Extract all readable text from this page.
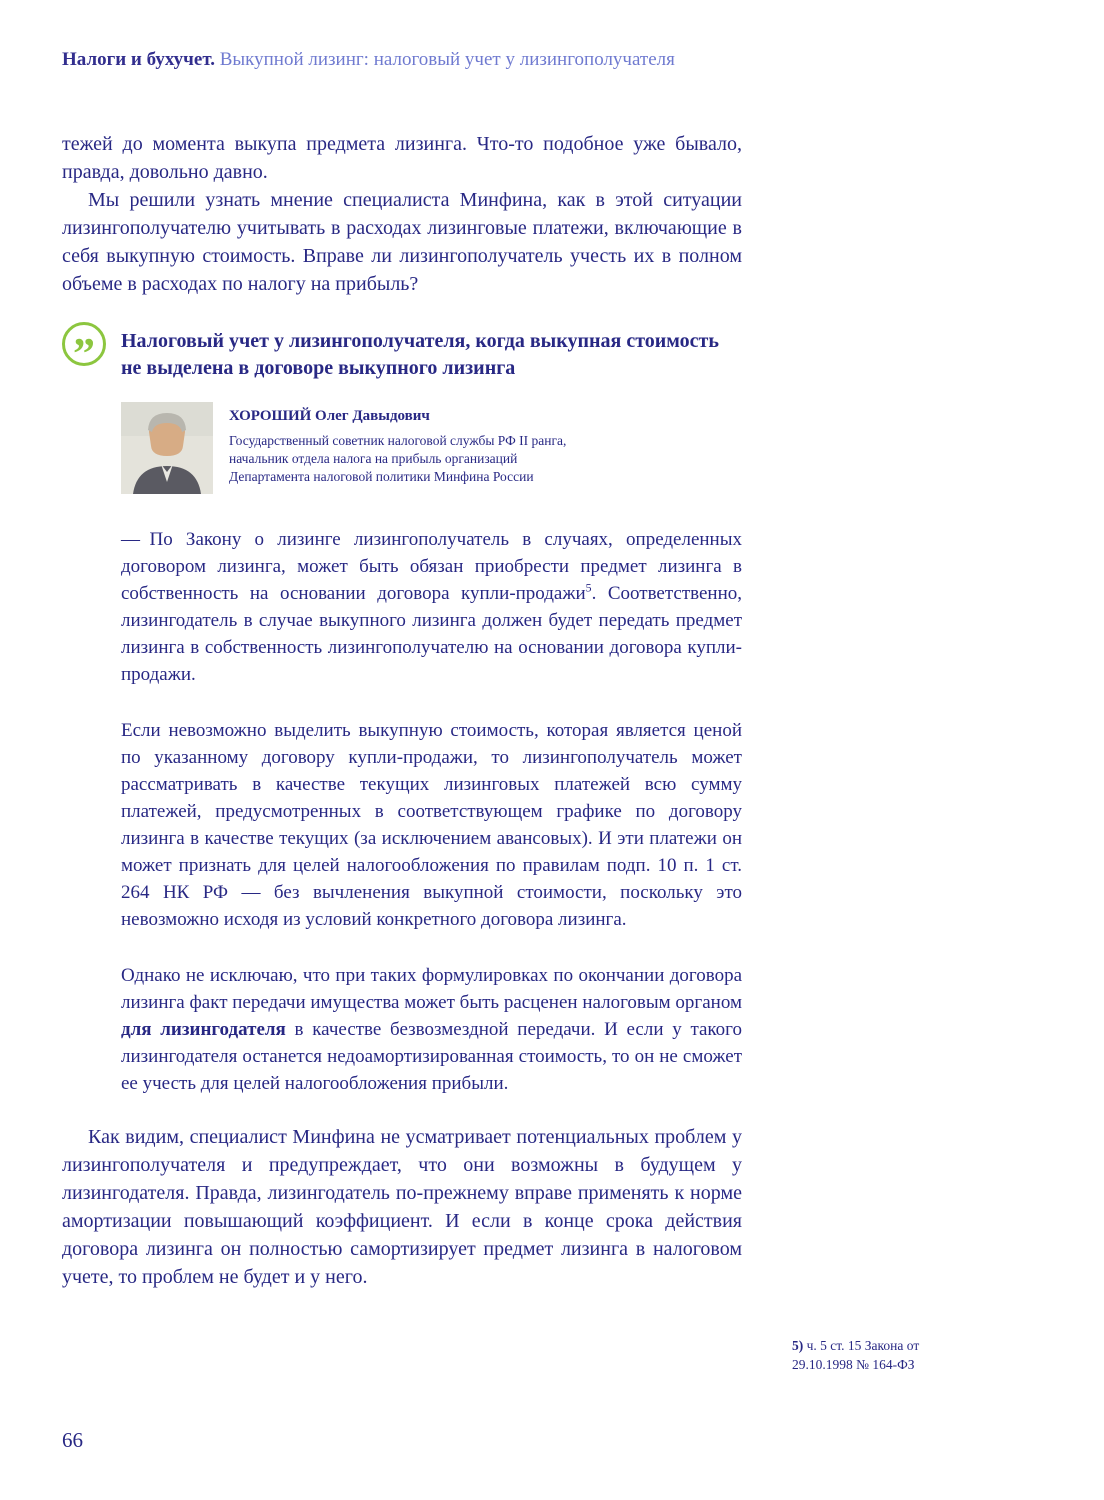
Налоги и бухучет. Выкупной лизинг: налоговый учет у лизингополучателя

тежей до момента выкупа предмета лизинга. Что-то подобное уже бывало, правда, довольно давно.

Мы решили узнать мнение специалиста Минфина, как в этой ситуации лизингополучателю учитывать в расходах лизинговые платежи, включающие в себя выкупную стоимость. Вправе ли лизингополучатель учесть их в полном объеме в расходах по налогу на прибыль?

”	Налоговый учет у лизингополучателя, когда выкупная стоимость не выделена в договоре выкупного лизинга
ХОРОШИЙ Олег Давыдович
Государственный советник налоговой службы РФ II ранга,
начальник отдела налога на прибыль организаций
Департамента налоговой политики Минфина России

— По Закону о лизинге лизингополучатель в случаях, определенных договором лизинга, может быть обязан приобрести предмет лизинга в собственность на основании договора купли-продажи$^5$. Соответственно, лизингодатель в случае выкупного лизинга должен будет передать предмет лизинга в собственность лизингополучателю на основании договора купли-продажи.

Если невозможно выделить выкупную стоимость, которая является ценой по указанному договору купли-продажи, то лизингополучатель может рассматривать в качестве текущих лизинговых платежей всю сумму платежей, предусмотренных в соответствующем графике по договору лизинга в качестве текущих (за исключением авансовых). И эти платежи он может признать для целей налогообложения по правилам подп. 10 п. 1 ст. 264 НК РФ — без вычленения выкупной стоимости, поскольку это невозможно исходя из условий конкретного договора лизинга.

Однако не исключаю, что при таких формулировках по окончании договора лизинга факт передачи имущества может быть расценен налоговым органом для лизингодателя в качестве безвозмездной передачи. И если у такого лизингодателя останется недоамортизированная стоимость, то он не сможет ее учесть для целей налогообложения прибыли.

Как видим, специалист Минфина не усматривает потенциальных проблем у лизингополучателя и предупреждает, что они возможны в будущем у лизингодателя. Правда, лизингодатель по-прежнему вправе применять к норме амортизации повышающий коэффициент. И если в конце срока действия договора лизинга он полностью самортизирует предмет лизинга в налоговом учете, то проблем не будет и у него.

5) ч. 5 ст. 15 Закона от 29.10.1998 № 164-ФЗ
66
